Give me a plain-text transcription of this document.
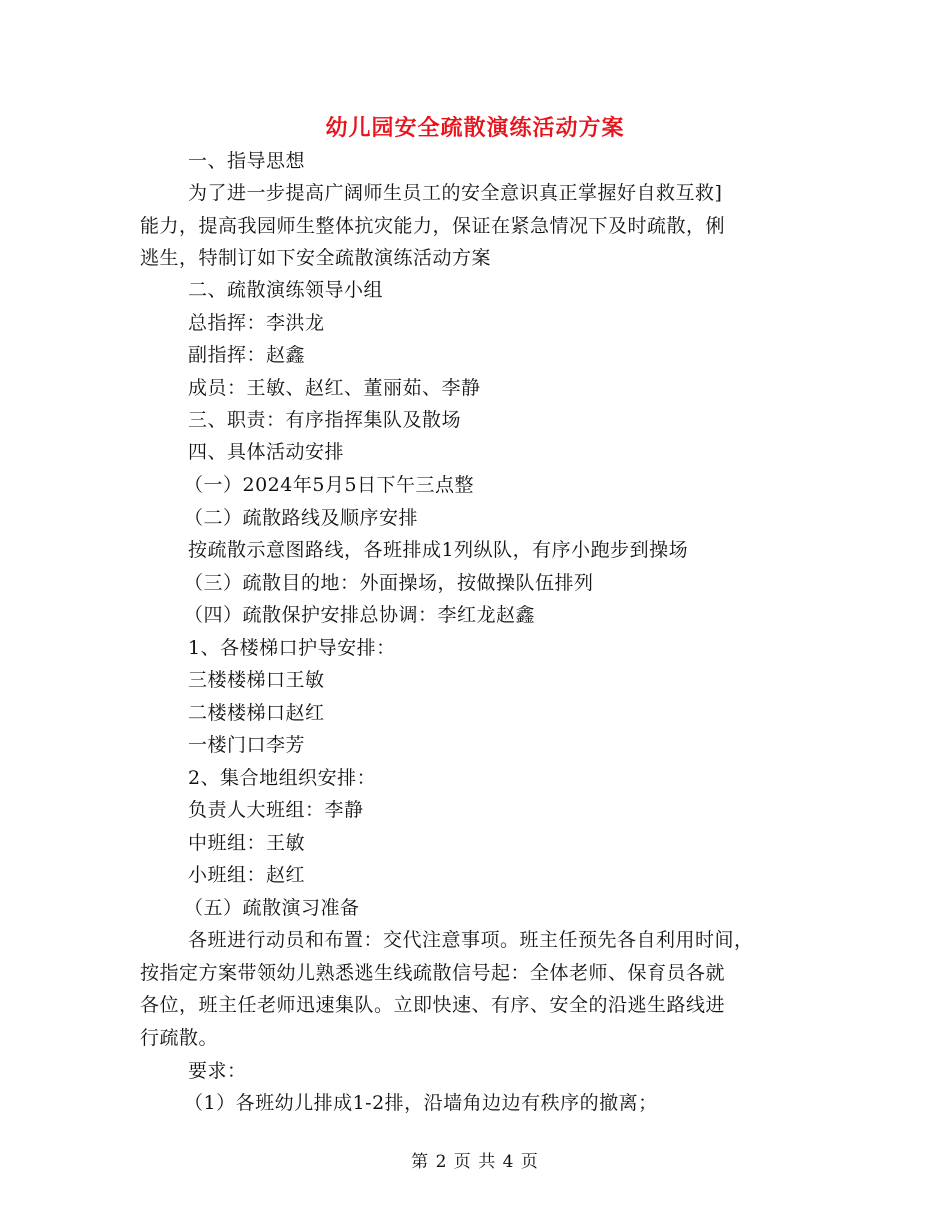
幼儿园安全疏散演练活动方案
一、指导思想
为了进一步提高广阔师生员工的安全意识真正掌握好自救互救]
能力，提高我园师生整体抗灾能力，保证在紧急情况下及时疏散，俐
逃生，特制订如下安全疏散演练活动方案
二、疏散演练领导小组
总指挥：李洪龙
副指挥：赵鑫
成员：王敏、赵红、董丽茹、李静
三、职责：有序指挥集队及散场
四、具体活动安排
（一）2024年5月5日下午三点整
（二）疏散路线及顺序安排
按疏散示意图路线，各班排成1列纵队，有序小跑步到操场
（三）疏散目的地：外面操场，按做操队伍排列
（四）疏散保护安排总协调：李红龙赵鑫
1、各楼梯口护导安排：
三楼楼梯口王敏
二楼楼梯口赵红
一楼门口李芳
2、集合地组织安排：
负责人大班组：李静
中班组：王敏
小班组：赵红
（五）疏散演习准备
各班进行动员和布置：交代注意事项。班主任预先各自利用时间，
按指定方案带领幼儿熟悉逃生线疏散信号起：全体老师、保育员各就
各位，班主任老师迅速集队。立即快速、有序、安全的沿逃生路线进
行疏散。
要求：
（1）各班幼儿排成1-2排，沿墙角边边有秩序的撤离；
第 2 页 共 4 页
